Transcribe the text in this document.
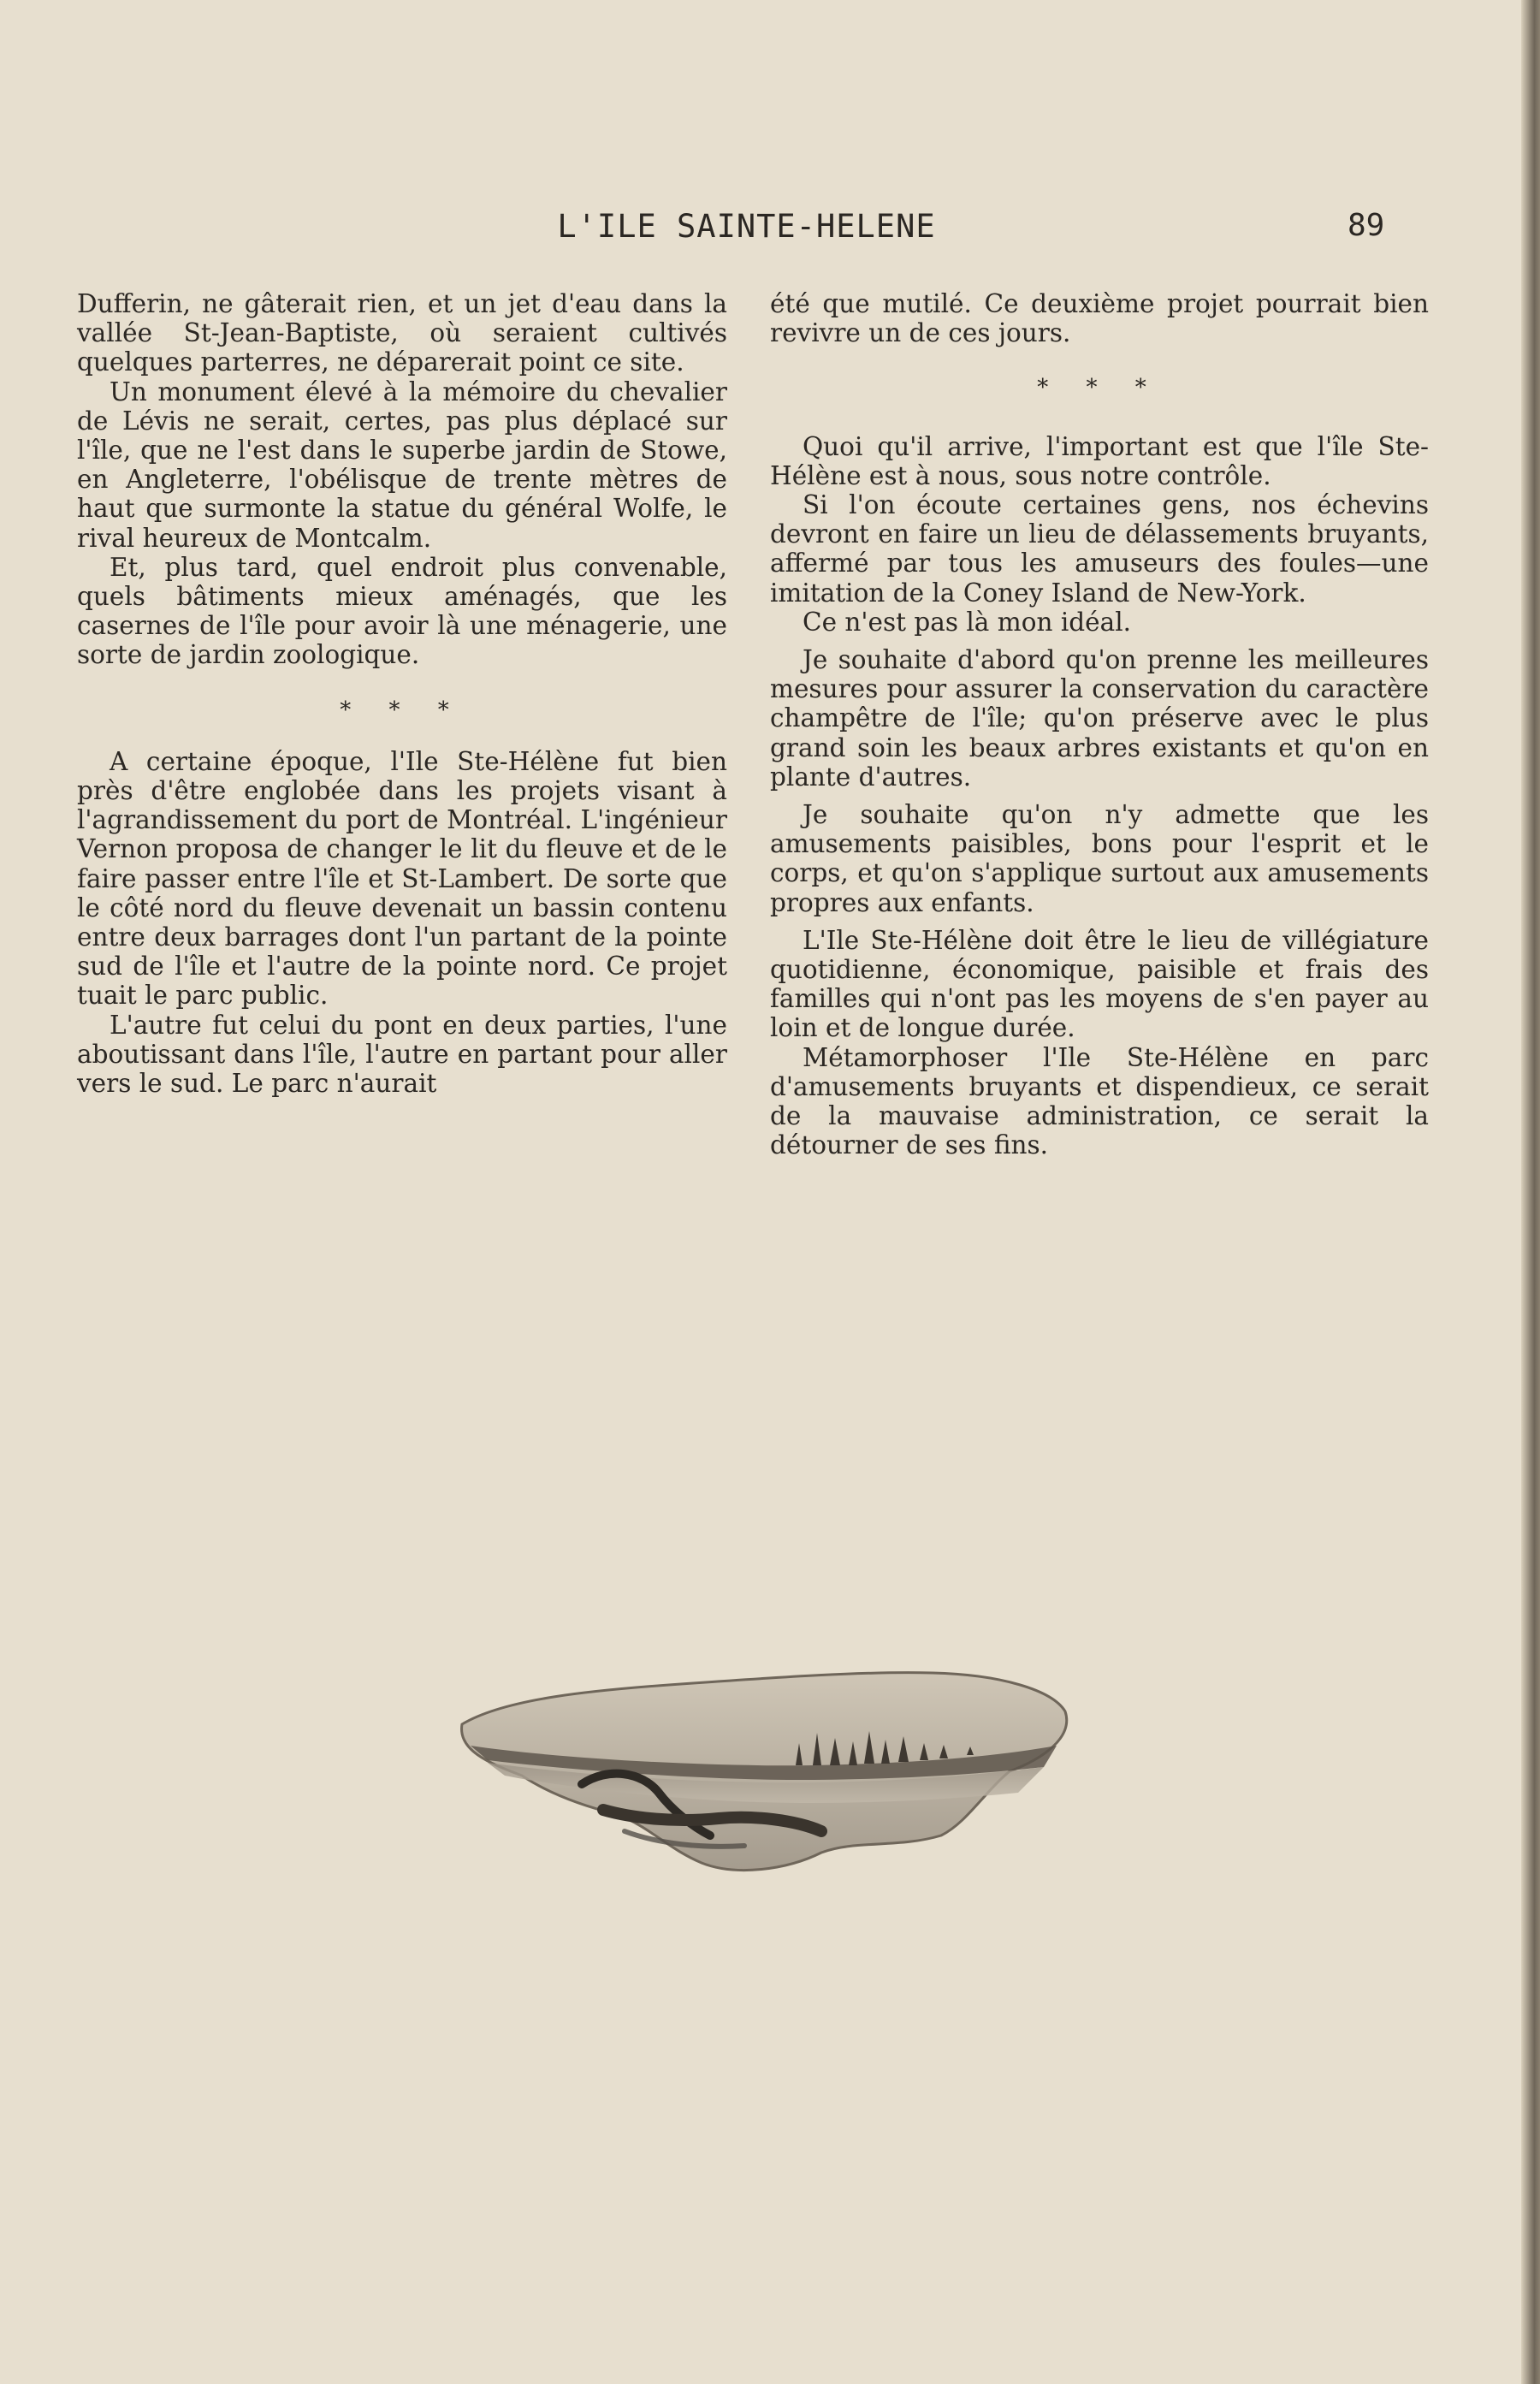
L'ILE SAINTE-HELENE	89

Dufferin, ne gâterait rien, et un jet d'eau dans la vallée St-Jean-Baptiste, où seraient cultivés quelques parterres, ne déparerait point ce site.

Un monument élevé à la mémoire du chevalier de Lévis ne serait, certes, pas plus déplacé sur l'île, que ne l'est dans le superbe jardin de Stowe, en Angleterre, l'obélisque de trente mètres de haut que surmonte la statue du général Wolfe, le rival heureux de Montcalm.

Et, plus tard, quel endroit plus convenable, quels bâtiments mieux aménagés, que les casernes de l'île pour avoir là une ménagerie, une sorte de jardin zoologique.

* * *

A certaine époque, l'Ile Ste-Hélène fut bien près d'être englobée dans les projets visant à l'agrandissement du port de Montréal. L'ingénieur Vernon proposa de changer le lit du fleuve et de le faire passer entre l'île et St-Lambert. De sorte que le côté nord du fleuve devenait un bassin contenu entre deux barrages dont l'un partant de la pointe sud de l'île et l'autre de la pointe nord. Ce projet tuait le parc public.

L'autre fut celui du pont en deux parties, l'une aboutissant dans l'île, l'autre en partant pour aller vers le sud. Le parc n'aurait

été que mutilé. Ce deuxième projet pourrait bien revivre un de ces jours.

* * *

Quoi qu'il arrive, l'important est que l'île Ste-Hélène est à nous, sous notre contrôle.

Si l'on écoute certaines gens, nos échevins devront en faire un lieu de délassements bruyants, affermé par tous les amuseurs des foules—une imitation de la Coney Island de New-York.

Ce n'est pas là mon idéal.

Je souhaite d'abord qu'on prenne les meilleures mesures pour assurer la conservation du caractère champêtre de l'île; qu'on préserve avec le plus grand soin les beaux arbres existants et qu'on en plante d'autres.

Je souhaite qu'on n'y admette que les amusements paisibles, bons pour l'esprit et le corps, et qu'on s'applique surtout aux amusements propres aux enfants.

L'Ile Ste-Hélène doit être le lieu de villégiature quotidienne, économique, paisible et frais des familles qui n'ont pas les moyens de s'en payer au loin et de longue durée.

Métamorphoser l'Ile Ste-Hélène en parc d'amusements bruyants et dispendieux, ce serait de la mauvaise administration, ce serait la détourner de ses fins.
